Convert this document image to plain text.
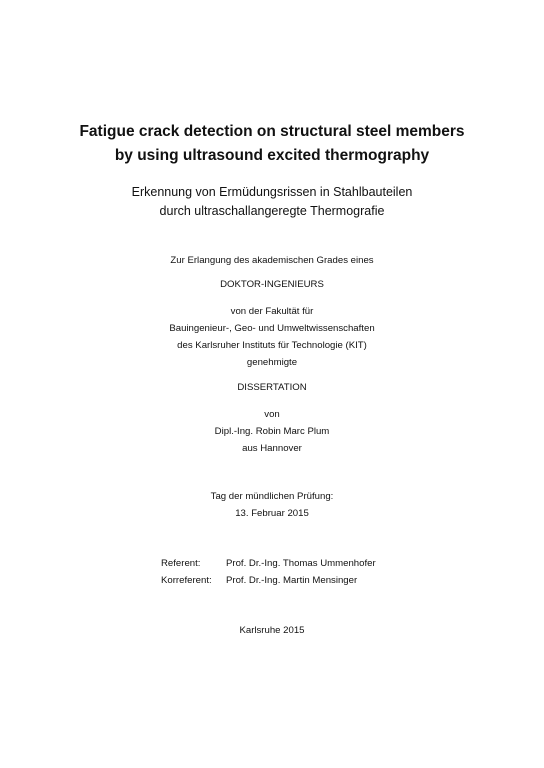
Fatigue crack detection on structural steel members
by using ultrasound excited thermography
Erkennung von Ermüdungsrissen in Stahlbauteilen
durch ultraschallangeregte Thermografie
Zur Erlangung des akademischen Grades eines
DOKTOR-INGENIEURS
von der Fakultät für
Bauingenieur-, Geo- und Umweltwissenschaften
des Karlsruher Instituts für Technologie (KIT)
genehmigte
DISSERTATION
von
Dipl.-Ing. Robin Marc Plum
aus Hannover
Tag der mündlichen Prüfung:
13. Februar 2015
Referent:	Prof. Dr.-Ing. Thomas Ummenhofer
Korreferent: Prof. Dr.-Ing. Martin Mensinger
Karlsruhe 2015
